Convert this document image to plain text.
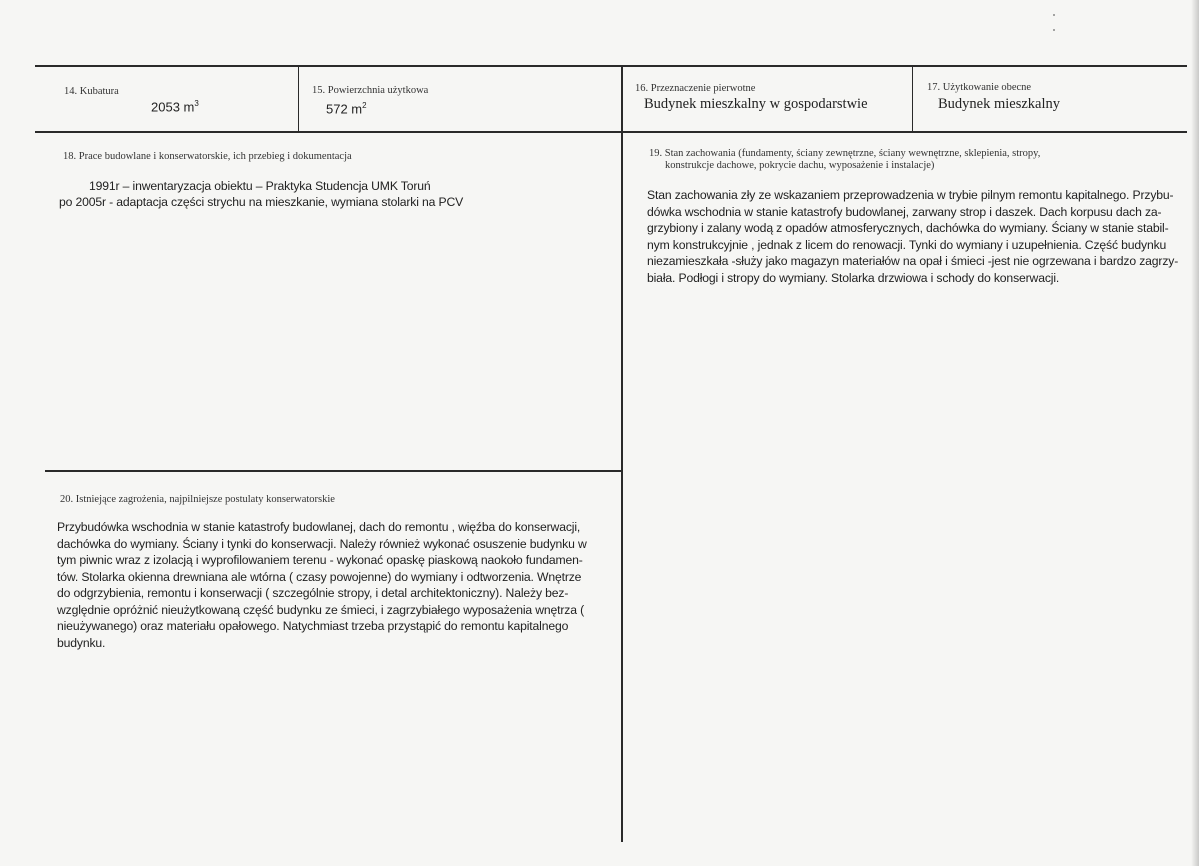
14. Kubatura
2053 $m^3$
15. Powierzchnia użytkowa
572 $m^2$
16. Przeznaczenie pierwotne
Budynek mieszkalny w gospodarstwie
17. Użytkowanie obecne
Budynek mieszkalny
18. Prace budowlane i konserwatorskie, ich przebieg i dokumentacja
1991r – inwentaryzacja obiektu – Praktyka Studencja UMK Toruń
po 2005r - adaptacja części strychu na mieszkanie, wymiana stolarki na PCV
19. Stan zachowania (fundamenty, ściany zewnętrzne, ściany wewnętrzne, sklepienia, stropy,
konstrukcje dachowe, pokrycie dachu, wyposażenie i instalacje)
Stan zachowania zły ze wskazaniem przeprowadzenia w trybie pilnym remontu kapitalnego. Przybu-
dówka wschodnia w stanie katastrofy budowlanej, zarwany strop i daszek. Dach korpusu dach za-
grzybiony i zalany wodą z opadów atmosferycznych, dachówka do wymiany. Ściany w stanie stabil-
nym konstrukcyjnie , jednak z licem do renowacji. Tynki do wymiany i uzupełnienia. Część budynku
niezamieszkała -służy jako magazyn materiałów na opał i śmieci -jest nie ogrzewana i bardzo zagrzy-
biała. Podłogi i stropy do wymiany. Stolarka drzwiowa i schody do konserwacji.
20. Istniejące zagrożenia, najpilniejsze postulaty konserwatorskie
Przybudówka wschodnia w stanie katastrofy budowlanej, dach do remontu , więźba do konserwacji,
dachówka do wymiany. Ściany i tynki do konserwacji. Należy również wykonać osuszenie budynku w
tym piwnic wraz z izolacją i wyprofilowaniem terenu - wykonać opaskę piaskową naokoło fundamen-
tów. Stolarka okienna drewniana ale wtórna ( czasy powojenne) do wymiany i odtworzenia. Wnętrze
do odgrzybienia, remontu i konserwacji ( szczególnie stropy, i detal architektoniczny). Należy bez-
względnie opróżnić nieużytkowaną część budynku ze śmieci, i zagrzybiałego wyposażenia wnętrza (
nieużywanego) oraz materiału opałowego. Natychmiast trzeba przystąpić do remontu kapitalnego
budynku.
